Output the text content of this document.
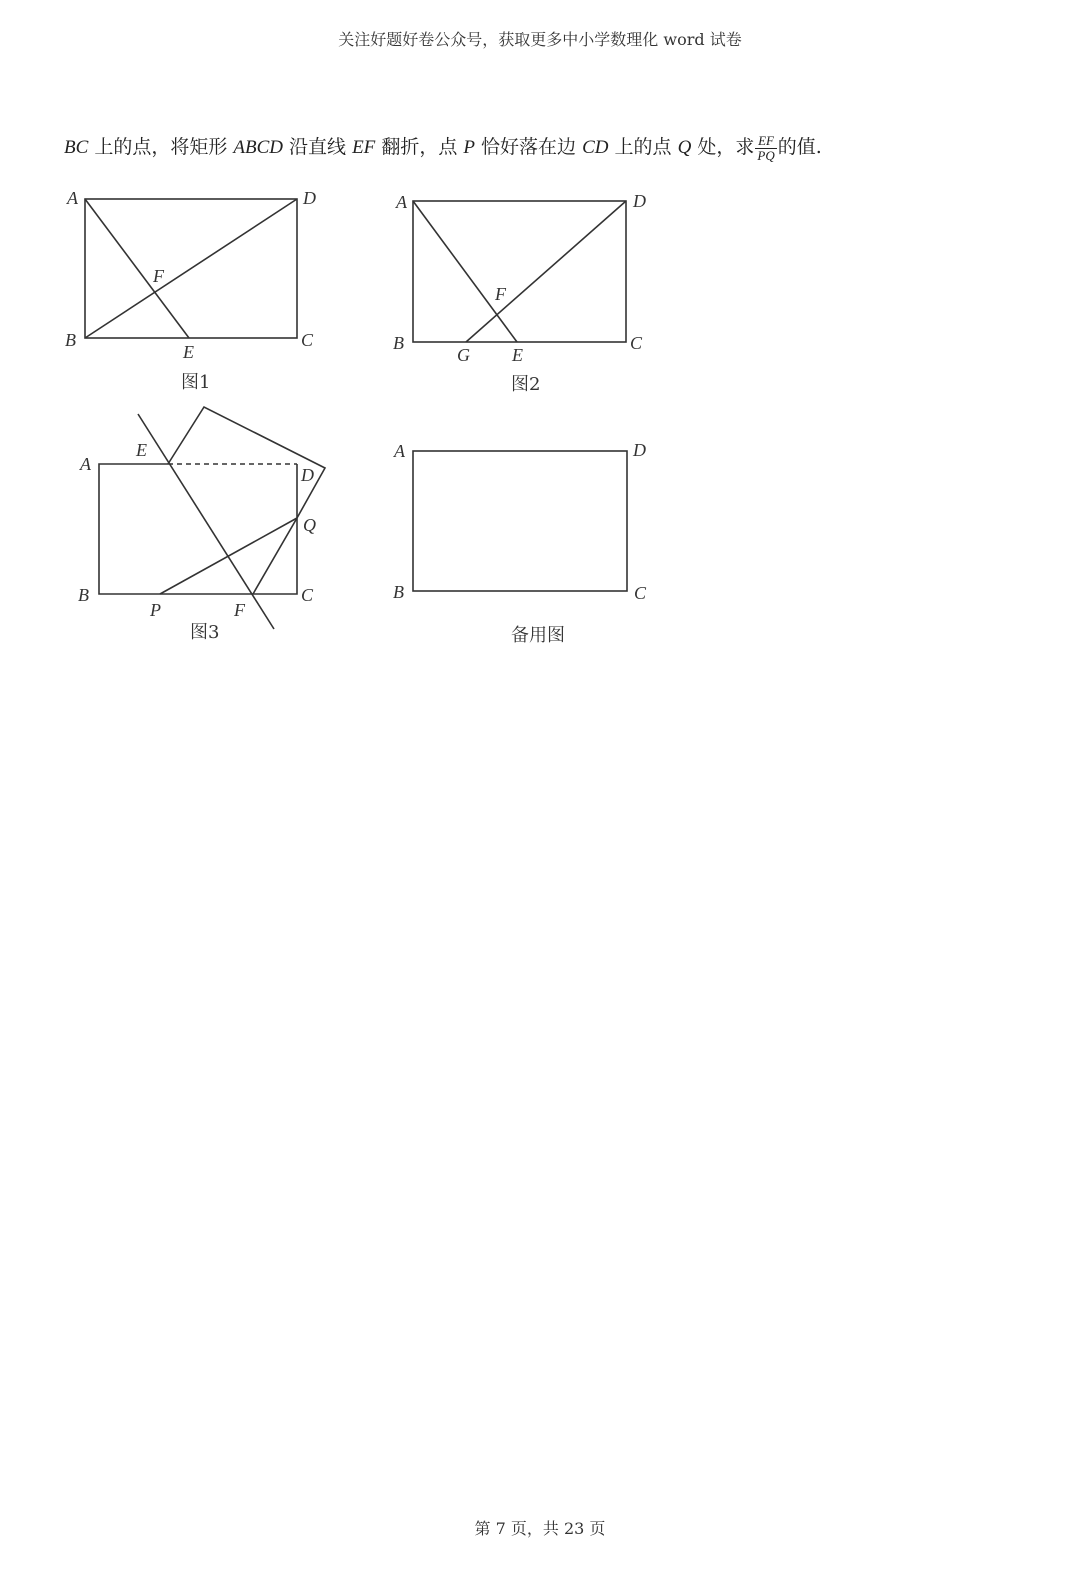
关注好题好卷公众号，获取更多中小学数理化 word 试卷
BC 上的点，将矩形 ABCD 沿直线 EF 翻折，点 P 恰好落在边 CD 上的点 Q 处，求 $\frac{EF}{PQ}$ 的值.
A	D
B	C
E
F
图1
A	D
B	C
G E
F
图2
A
E
D
Q
B	C
P	F
图3
A	D
B	C
备用图
第 7 页，共 23 页
